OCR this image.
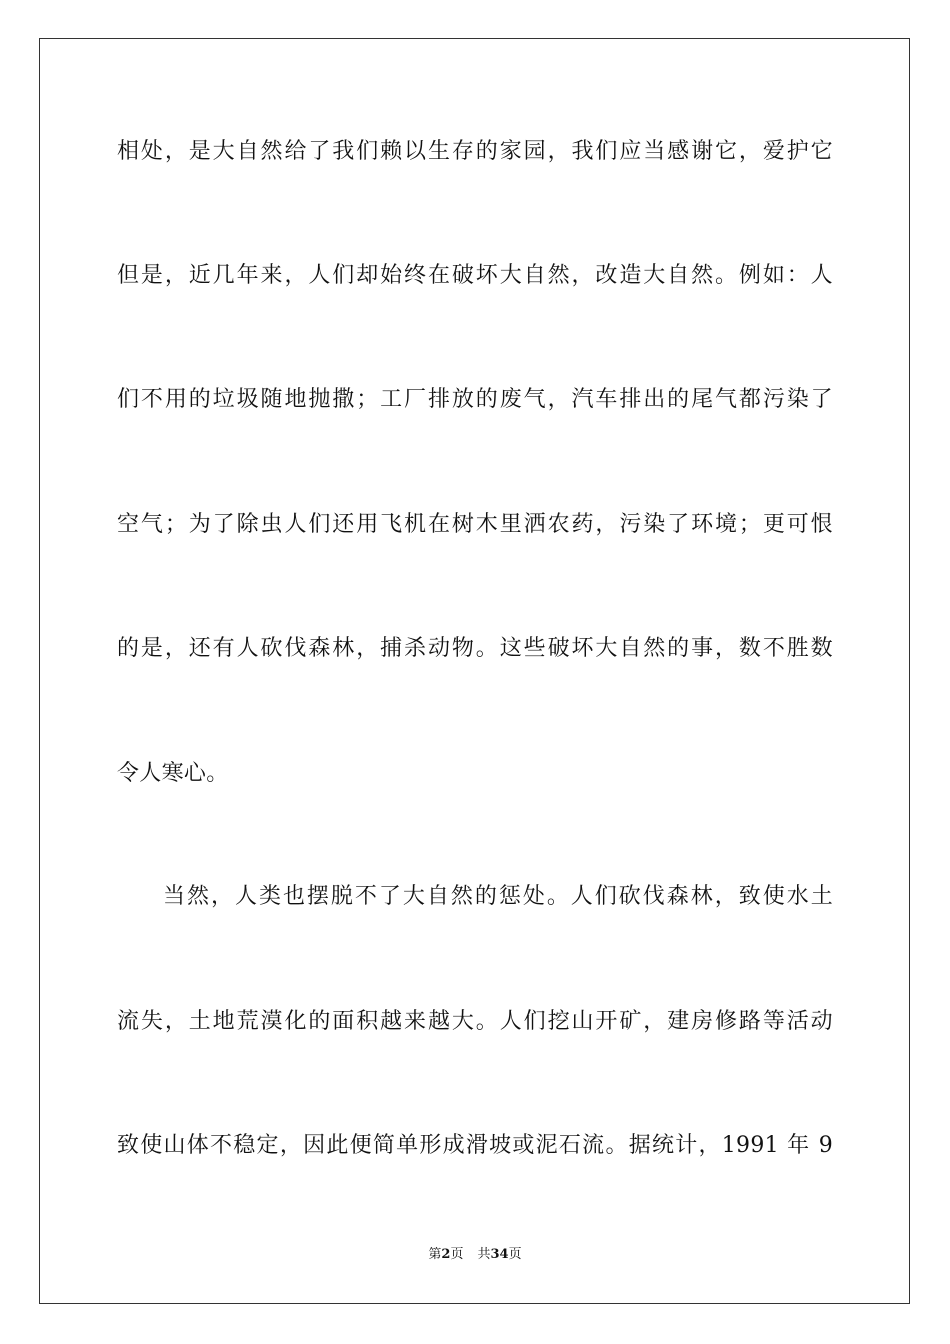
相处，是大自然给了我们赖以生存的家园，我们应当感谢它，爱护它
但是，近几年来，人们却始终在破坏大自然，改造大自然。例如：人
们不用的垃圾随地抛撒；工厂排放的废气，汽车排出的尾气都污染了
空气；为了除虫人们还用飞机在树木里洒农药，污染了环境；更可恨
的是，还有人砍伐森林，捕杀动物。这些破坏大自然的事，数不胜数
令人寒心。
当然，人类也摆脱不了大自然的惩处。人们砍伐森林，致使水土
流失，土地荒漠化的面积越来越大。人们挖山开矿，建房修路等活动
致使山体不稳定，因此便简单形成滑坡或泥石流。据统计，1991 年 9
第2页 共34页
